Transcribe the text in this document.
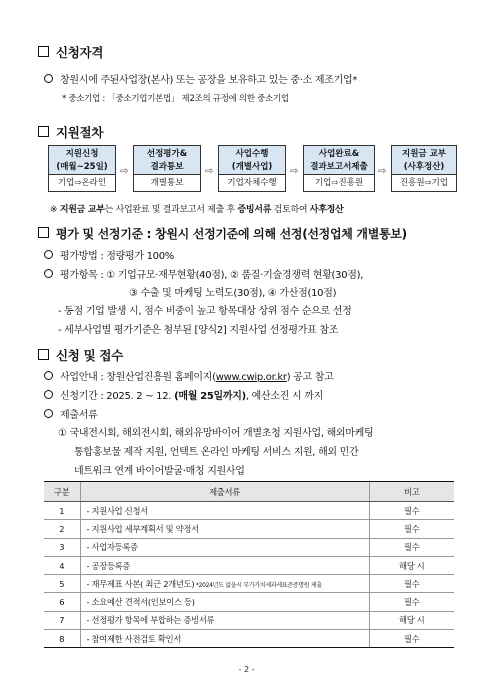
신청자격
창원시에 주된사업장(본사) 또는 공장을 보유하고 있는 중·소 제조기업*
* 중소기업 : 「중소기업기본법」 제2조의 규정에 의한 중소기업
지원절차
지원신청
(매월~25일)
기업⇨온라인
⇨
선정평가&
결과통보
개별통보
⇨
사업수행
(개별사업)
기업자체수행
⇨
사업완료&
결과보고서제출
기업⇨진흥원
⇨
지원금 교부
(사후정산)
진흥원⇨기업
※ 지원금 교부는 사업완료 및 결과보고서 제출 후 증빙서류 검토하여 사후정산
평가 및 선정기준 : 창원시 선정기준에 의해 선정(선정업체 개별통보)
평가방법 : 정량평가 100%
평가항목 : ① 기업규모·재무현황(40점), ② 품질·기술경쟁력 현황(30점),
③ 수출 및 마케팅 노력도(30점), ④ 가산점(10점)
- 동점 기업 발생 시, 점수 비중이 높고 항목대상 상위 점수 순으로 선정
- 세부사업별 평가기준은 첨부된 [양식2] 지원사업 선정평가표 참조
신청 및 접수
사업안내 : 창원산업진흥원 홈페이지(www.cwip.or.kr) 공고 참고
신청기간 : 2025. 2 ~ 12. (매월 25일까지), 예산소진 시 까지
제출서류
① 국내전시회, 해외전시회, 해외유망바이어 개별초청 지원사업, 해외마케팅
통합홍보물 제작 지원, 언택트 온라인 마케팅 서비스 지원, 해외 민간
네트워크 연계 바이어발굴·매칭 지원사업
구분	제출서류	비고
1	- 지원사업 신청서	필수
2	- 지원사업 세부계획서 및 약정서	필수
3	- 사업자등록증	필수
4	- 공장등록증	해당 시
5	- 재무제표 사본( 최근 2개년도) *2024년도 없을시 부가가치세과세표준증명원 제출	필수
6	- 소요예산 견적서(인보이스 등)	필수
7	- 선정평가 항목에 부합하는 증빙서류	해당 시
8	- 참여제한 사전검토 확인서	필수
- 2 -
